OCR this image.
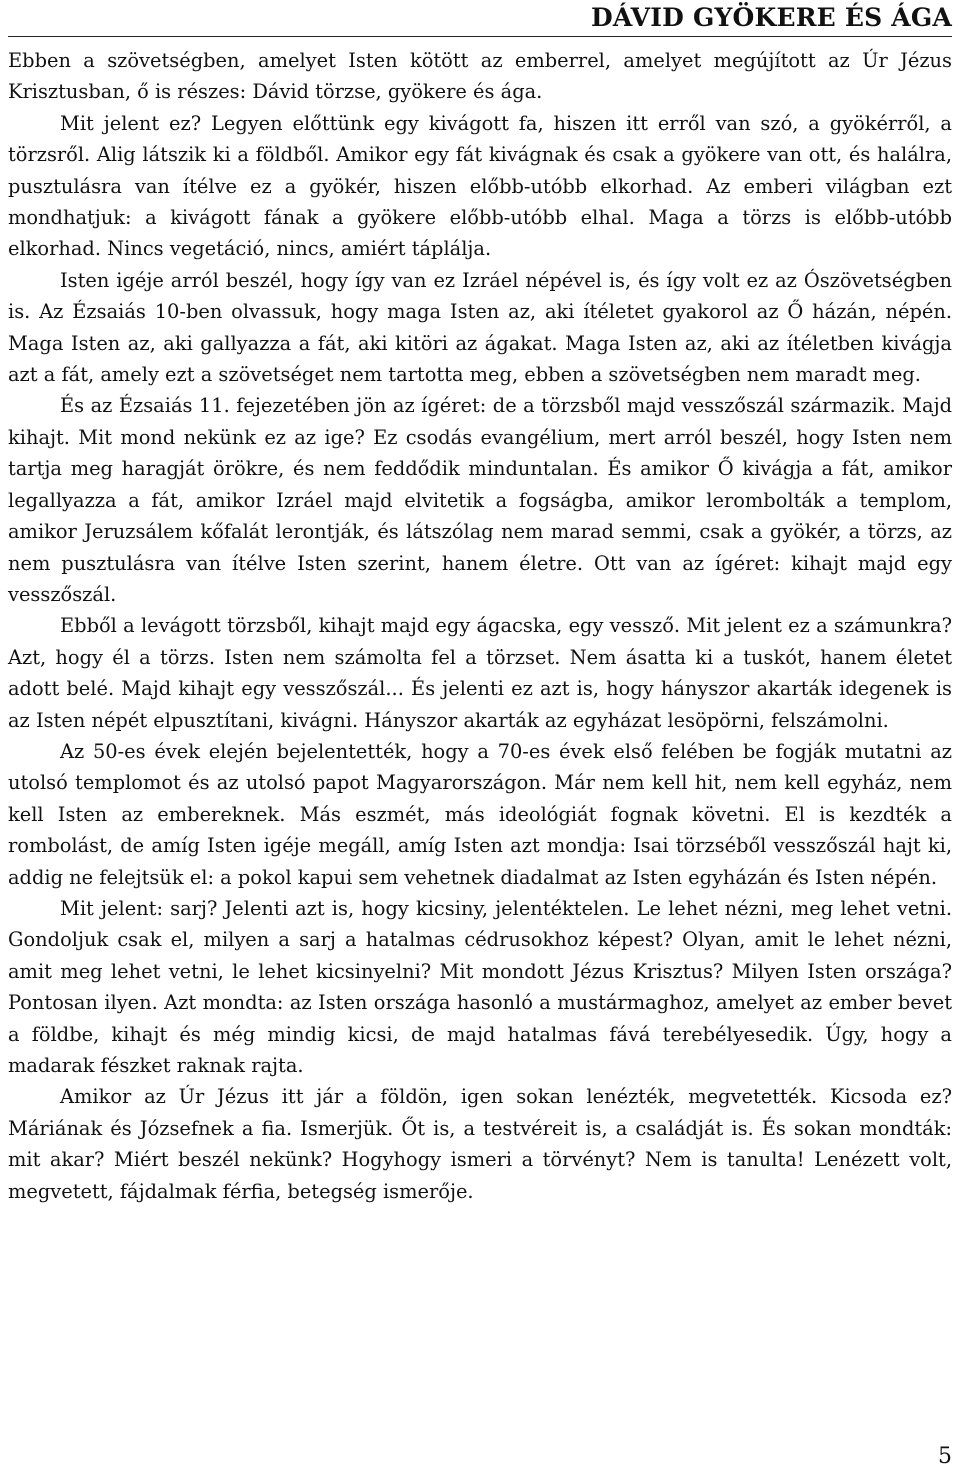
DÁVID GYÖKERE ÉS ÁGA

Ebben a szövetségben, amelyet Isten kötött az emberrel, amelyet megújított az Úr Jézus Krisztusban, ő is részes: Dávid törzse, gyökere és ága.

Mit jelent ez? Legyen előttünk egy kivágott fa, hiszen itt erről van szó, a gyökérről, a törzsről. Alig látszik ki a földből. Amikor egy fát kivágnak és csak a gyökere van ott, és halálra, pusztulásra van ítélve ez a gyökér, hiszen előbb-utóbb elkorhad. Az emberi világban ezt mondhatjuk: a kivágott fának a gyökere előbb-utóbb elhal. Maga a törzs is előbb-utóbb elkorhad. Nincs vegetáció, nincs, amiért táplálja.

Isten igéje arról beszél, hogy így van ez Izráel népével is, és így volt ez az Ószövetségben is. Az Ézsaiás 10-ben olvassuk, hogy maga Isten az, aki ítéletet gyakorol az Ő házán, népén. Maga Isten az, aki gallyazza a fát, aki kitöri az ágakat. Maga Isten az, aki az ítéletben kivágja azt a fát, amely ezt a szövetséget nem tartotta meg, ebben a szövetségben nem maradt meg.

És az Ézsaiás 11. fejezetében jön az ígéret: de a törzsből majd vesszőszál származik. Majd kihajt. Mit mond nekünk ez az ige? Ez csodás evangélium, mert arról beszél, hogy Isten nem tartja meg haragját örökre, és nem feddődik minduntalan. És amikor Ő kivágja a fát, amikor legallyazza a fát, amikor Izráel majd elvitetik a fogságba, amikor lerombolták a templom, amikor Jeruzsálem kőfalát lerontják, és látszólag nem marad semmi, csak a gyökér, a törzs, az nem pusztulásra van ítélve Isten szerint, hanem életre. Ott van az ígéret: kihajt majd egy vesszőszál.

Ebből a levágott törzsből, kihajt majd egy ágacska, egy vessző. Mit jelent ez a számunkra? Azt, hogy él a törzs. Isten nem számolta fel a törzset. Nem ásatta ki a tuskót, hanem életet adott belé. Majd kihajt egy vesszőszál... És jelenti ez azt is, hogy hányszor akarták idegenek is az Isten népét elpusztítani, kivágni. Hányszor akarták az egyházat lesöpörni, felszámolni.

Az 50-es évek elején bejelentették, hogy a 70-es évek első felében be fogják mutatni az utolsó templomot és az utolsó papot Magyarországon. Már nem kell hit, nem kell egyház, nem kell Isten az embereknek. Más eszmét, más ideológiát fognak követni. El is kezdték a rombolást, de amíg Isten igéje megáll, amíg Isten azt mondja: Isai törzséből vesszőszál hajt ki, addig ne felejtsük el: a pokol kapui sem vehetnek diadalmat az Isten egyházán és Isten népén.

Mit jelent: sarj? Jelenti azt is, hogy kicsiny, jelentéktelen. Le lehet nézni, meg lehet vetni. Gondoljuk csak el, milyen a sarj a hatalmas cédrusokhoz képest? Olyan, amit le lehet nézni, amit meg lehet vetni, le lehet kicsinyelni? Mit mondott Jézus Krisztus? Milyen Isten országa? Pontosan ilyen. Azt mondta: az Isten országa hasonló a mustármaghoz, amelyet az ember bevet a földbe, kihajt és még mindig kicsi, de majd hatalmas fává terebélyesedik. Úgy, hogy a madarak fészket raknak rajta.

Amikor az Úr Jézus itt jár a földön, igen sokan lenézték, megvetették. Kicsoda ez? Máriának és Józsefnek a fia. Ismerjük. Őt is, a testvéreit is, a családját is. És sokan mondták: mit akar? Miért beszél nekünk? Hogyhogy ismeri a törvényt? Nem is tanulta! Lenézett volt, megvetett, fájdalmak férfia, betegség ismerője.

5
